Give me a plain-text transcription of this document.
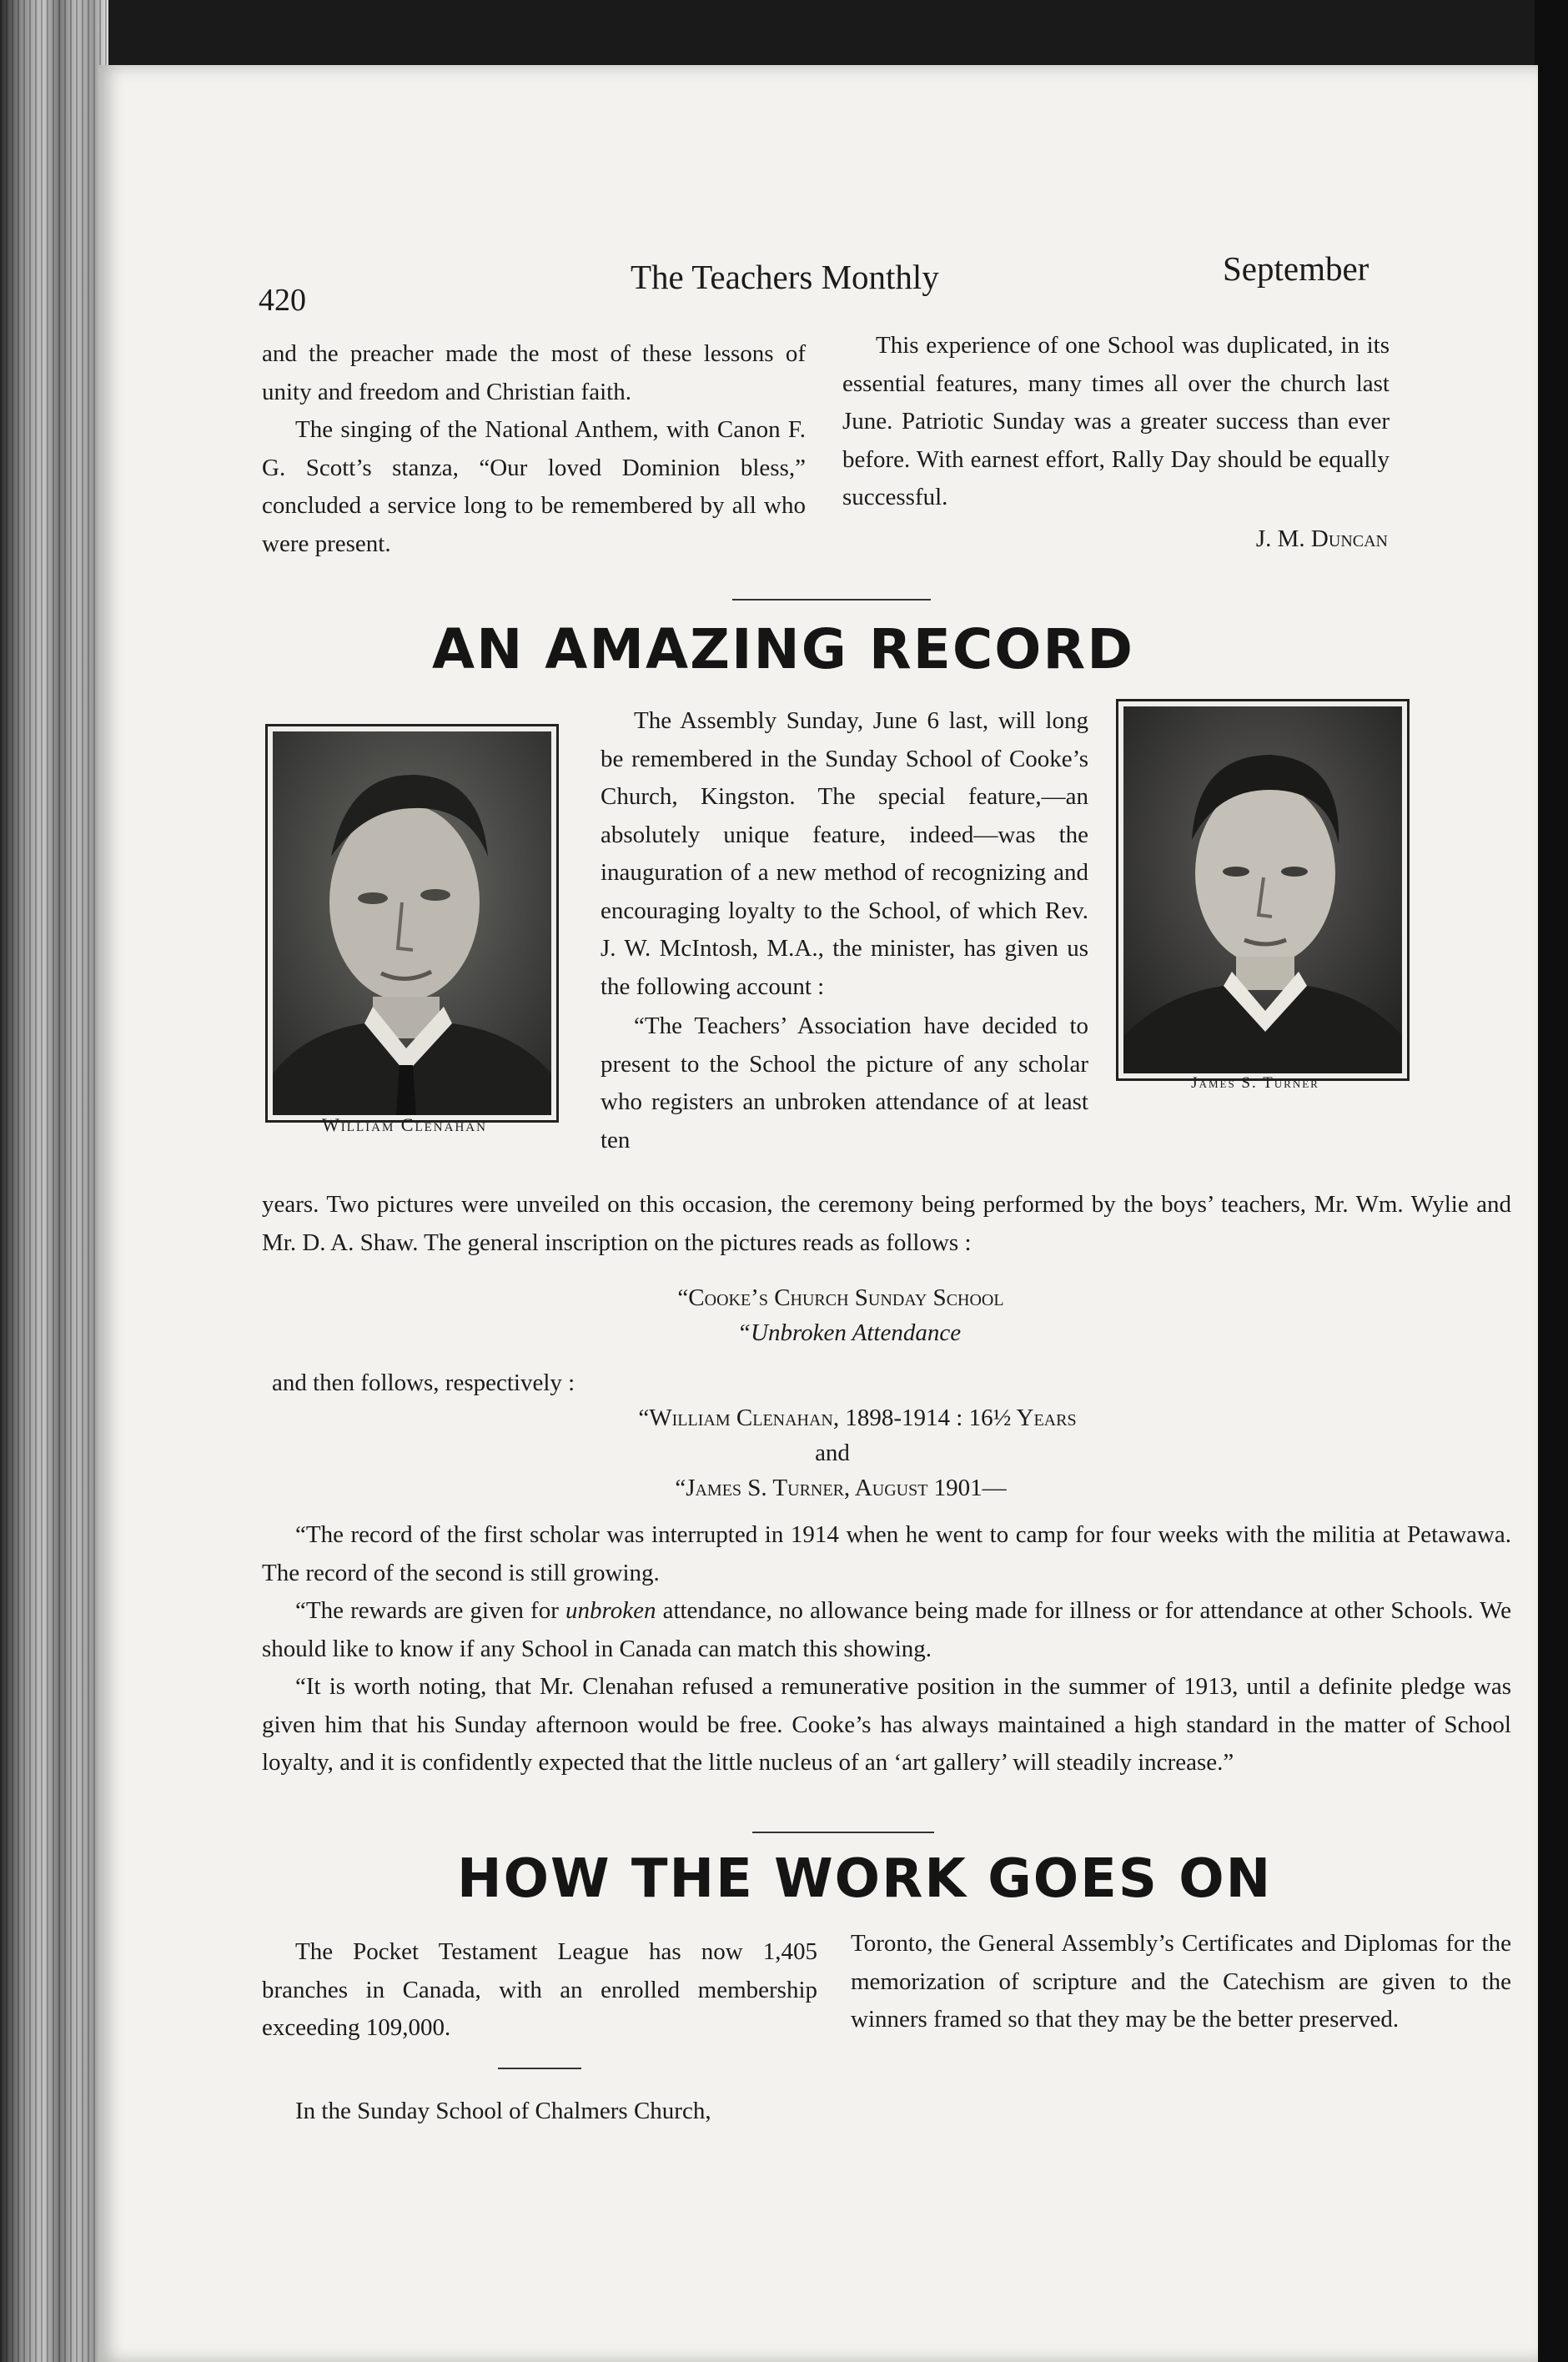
420
The Teachers Monthly	September

and the preacher made the most of these lessons of unity and freedom and Christian faith.

The singing of the National Anthem, with Canon F. G. Scott’s stanza, “Our loved Dominion bless,” concluded a service long to be remembered by all who were present.

This experience of one School was duplicated, in its essential features, many times all over the church last June. Patriotic Sunday was a greater success than ever before. With earnest effort, Rally Day should be equally successful.

J. M. Duncan

AN AMAZING RECORD
William Clenahan
James S. Turner

The Assembly Sunday, June 6 last, will long be remembered in the Sunday School of Cooke’s Church, Kingston. The special feature,—an absolutely unique feature, indeed—was the inauguration of a new method of recognizing and encouraging loyalty to the School, of which Rev. J. W. McIntosh, M.A., the minister, has given us the following account :

“The Teachers’ Association have decided to present to the School the picture of any scholar who registers an unbroken attendance of at least ten

years. Two pictures were unveiled on this occasion, the ceremony being performed by the boys’ teachers, Mr. Wm. Wylie and Mr. D. A. Shaw. The general inscription on the pictures reads as follows :

“Cooke’s Church Sunday School
“Unbroken Attendance
and then follows, respectively :
“William Clenahan, 1898-1914 : 16½ Years
and
“James S. Turner, August 1901—

“The record of the first scholar was interrupted in 1914 when he went to camp for four weeks with the militia at Petawawa. The record of the second is still growing.

“The rewards are given for unbroken attendance, no allowance being made for illness or for attendance at other Schools. We should like to know if any School in Canada can match this showing.

“It is worth noting, that Mr. Clenahan refused a remunerative position in the summer of 1913, until a definite pledge was given him that his Sunday afternoon would be free. Cooke’s has always maintained a high standard in the matter of School loyalty, and it is confidently expected that the little nucleus of an ‘art gallery’ will steadily increase.”

HOW THE WORK GOES ON

The Pocket Testament League has now 1,405 branches in Canada, with an enrolled membership exceeding 109,000.

In the Sunday School of Chalmers Church,

Toronto, the General Assembly’s Certificates and Diplomas for the memorization of scripture and the Catechism are given to the winners framed so that they may be the better preserved.
